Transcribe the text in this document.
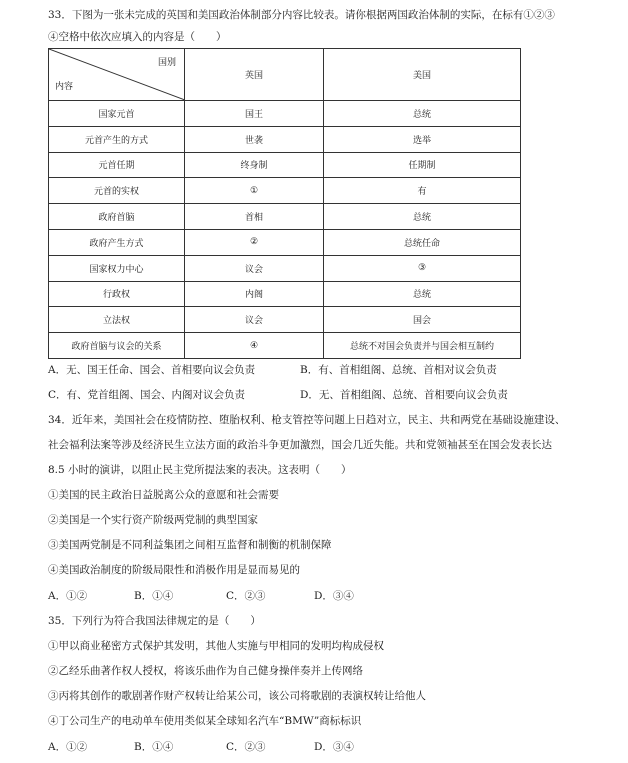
33．下图为一张未完成的英国和美国政治体制部分内容比较表。请你根据两国政治体制的实际，在标有①②③
④空格中依次应填入的内容是（　　）
国别
内容	英国	美国
国家元首	国王	总统
元首产生的方式	世袭	选举
元首任期	终身制	任期制
元首的实权	①	有
政府首脑	首相	总统
政府产生方式	②	总统任命
国家权力中心	议会	③
行政权	内阁	总统
立法权	议会	国会
政府首脑与议会的关系	④	总统不对国会负责并与国会相互制约
A．无、国王任命、国会、首相要向议会负责	B．有、首相组阁、总统、首相对议会负责
C．有、党首组阁、国会、内阁对议会负责	D．无、首相组阁、总统、首相要向议会负责
34．近年来，美国社会在疫情防控、堕胎权利、枪支管控等问题上日趋对立，民主、共和两党在基础设施建设、
社会福利法案等涉及经济民生立法方面的政治斗争更加激烈，国会几近失能。共和党领袖甚至在国会发表长达
8.5 小时的演讲，以阻止民主党所提法案的表决。这表明（　　）
①美国的民主政治日益脱离公众的意愿和社会需要
②美国是一个实行资产阶级两党制的典型国家
③美国两党制是不同利益集团之间相互监督和制衡的机制保障
④美国政治制度的阶级局限性和消极作用是显而易见的
A．①②	B．①④	C．②③	D．③④
35．下列行为符合我国法律规定的是（　　）
①甲以商业秘密方式保护其发明，其他人实施与甲相同的发明均构成侵权
②乙经乐曲著作权人授权，将该乐曲作为自己健身操伴奏并上传网络
③丙将其创作的歌剧著作财产权转让给某公司，该公司将歌剧的表演权转让给他人
④丁公司生产的电动单车使用类似某全球知名汽车“BMW”商标标识
A．①②	B．①④	C．②③	D．③④
